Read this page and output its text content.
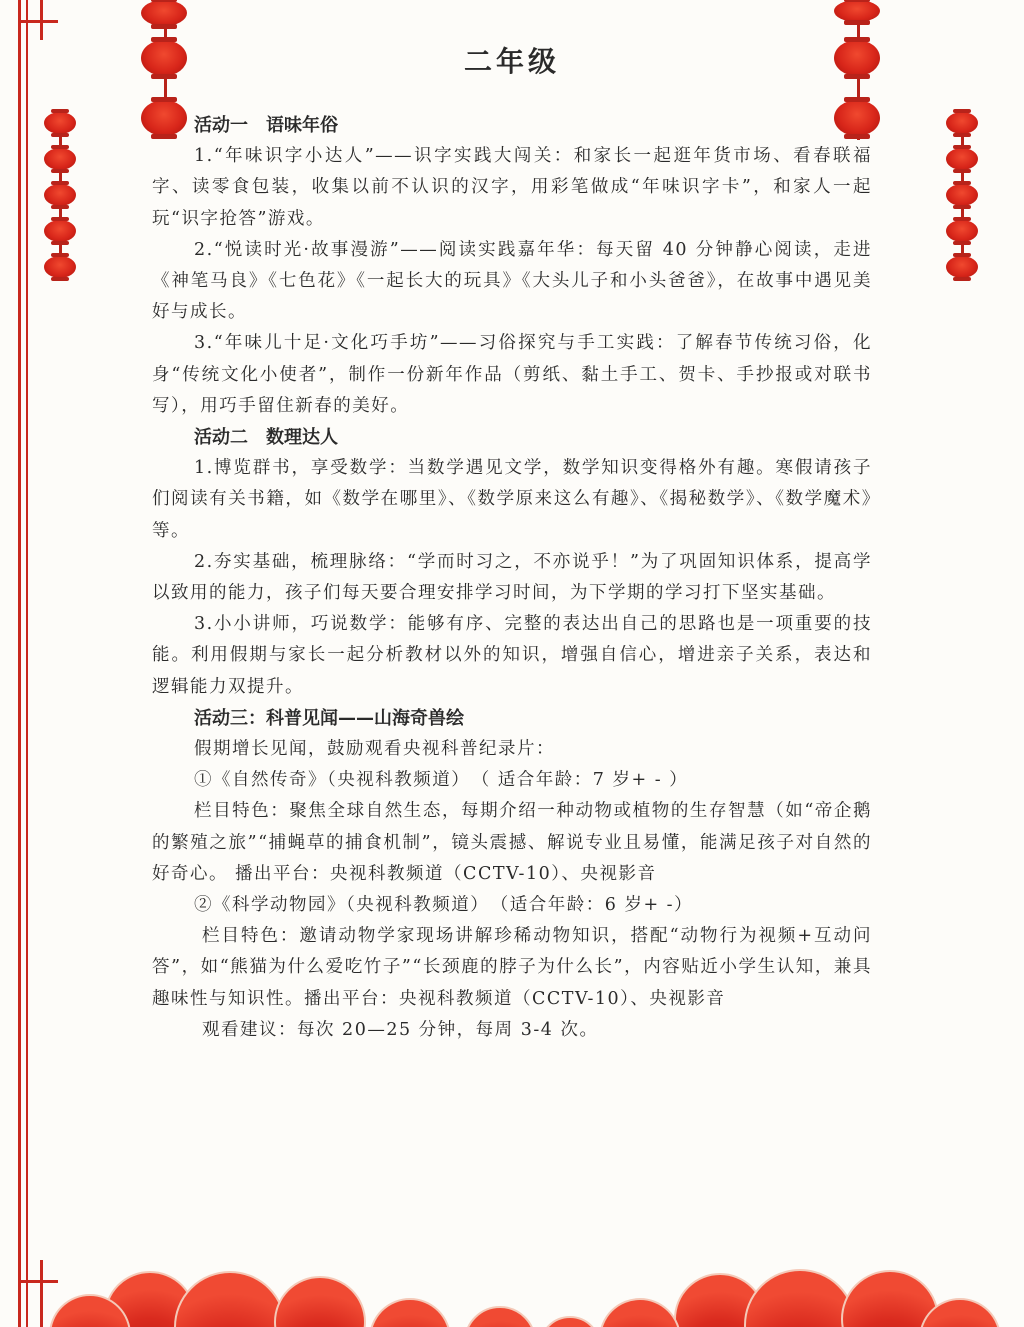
二年级
活动一　语味年俗

1.“年味识字小达人”——识字实践大闯关：和家长一起逛年货市场、看春联福字、读零食包装，收集以前不认识的汉字，用彩笔做成“年味识字卡”，和家人一起玩“识字抢答”游戏。

2.“悦读时光·故事漫游”——阅读实践嘉年华：每天留 40 分钟静心阅读，走进《神笔马良》《七色花》《一起长大的玩具》《大头儿子和小头爸爸》，在故事中遇见美好与成长。

3.“年味儿十足·文化巧手坊”——习俗探究与手工实践：了解春节传统习俗，化身“传统文化小使者”，制作一份新年作品（剪纸、黏土手工、贺卡、手抄报或对联书写），用巧手留住新春的美好。

活动二　数理达人

1.博览群书，享受数学：当数学遇见文学，数学知识变得格外有趣。寒假请孩子们阅读有关书籍，如《数学在哪里》、《数学原来这么有趣》、《揭秘数学》、《数学魔术》等。

2.夯实基础，梳理脉络：“学而时习之，不亦说乎！”为了巩固知识体系，提高学以致用的能力，孩子们每天要合理安排学习时间，为下学期的学习打下坚实基础。

3.小小讲师，巧说数学：能够有序、完整的表达出自己的思路也是一项重要的技能。利用假期与家长一起分析教材以外的知识，增强自信心，增进亲子关系，表达和逻辑能力双提升。

活动三：科普见闻——山海奇兽绘

假期增长见闻，鼓励观看央视科普纪录片：

①《自然传奇》（央视科教频道）　（ 适合年龄：7 岁+ - ）

栏目特色：聚焦全球自然生态，每期介绍一种动物或植物的生存智慧（如“帝企鹅的繁殖之旅”“捕蝇草的捕食机制”，镜头震撼、解说专业且易懂，能满足孩子对自然的好奇心。 播出平台：央视科教频道（CCTV-10）、央视影音

②《科学动物园》（央视科教频道）　（适合年龄：6 岁+ -）

栏目特色：邀请动物学家现场讲解珍稀动物知识，搭配“动物行为视频+互动问答”，如“熊猫为什么爱吃竹子”“长颈鹿的脖子为什么长”，内容贴近小学生认知，兼具趣味性与知识性。播出平台：央视科教频道（CCTV-10）、央视影音

观看建议：每次 20—25 分钟，每周 3-4 次。
